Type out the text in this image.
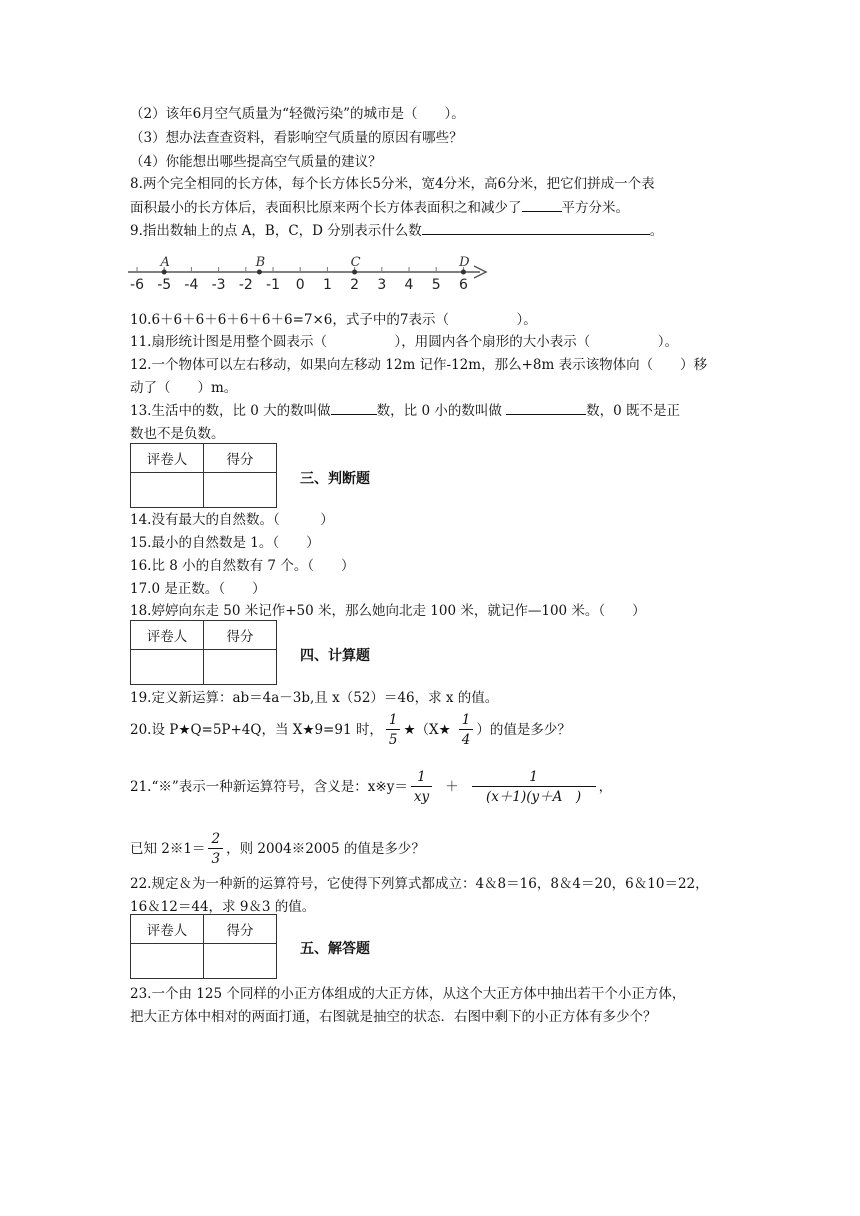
（2）该年6月空气质量为“轻微污染”的城市是（　　）。
（3）想办法查查资料，看影响空气质量的原因有哪些？
（4）你能想出哪些提高空气质量的建议？
8.两个完全相同的长方体，每个长方体长5分米，宽4分米，高6分米，把它们拼成一个表
面积最小的长方体后，表面积比原来两个长方体表面积之和减少了	平方分米。
9.指出数轴上的点 A，B，C，D 分别表示什么数	。
-6 -5 -4 -3 -2 -1 0 1 2 3 4 5 6
A	B	C	D
10.6＋6＋6＋6＋6＋6＋6=7×6，式子中的7表示（　　　　　）。
11.扇形统计图是用整个圆表示（　　　　　），用圆内各个扇形的大小表示（　　　　　）。
12.一个物体可以左右移动，如果向左移动 12m 记作-12m，那么+8m 表示该物体向（　　）移
动了（　　）m。
13.生活中的数，比 0 大的数叫做	数，比 0 小的数叫做	数，0 既不是正
数也不是负数。
评卷人	得分

三、判断题
14.没有最大的自然数。（　　　）
15.最小的自然数是 1。（　　）
16.比 8 小的自然数有 7 个。（　　）
17.0 是正数。（　　）
18.婷婷向东走 50 米记作+50 米，那么她向北走 100 米，就记作—100 米。（　　）
评卷人	得分

四、计算题
19.定义新运算：ab＝4a－3b,且 x（52）＝46，求 x 的值。
20.设 P★Q=5P+4Q，当 X★9=91 时， $\frac{1}{5}$ ★（X★ $\frac{1}{4}$ ）的值是多少？
21.“※”表示一种新运算符号，含义是：x※y＝ $\frac{1}{xy} + \frac{1}{(x+1)(y+A )}$ ，
已知 2※1＝ $\frac{2}{3}$ ，则 2004※2005 的值是多少？
22.规定＆为一种新的运算符号，它使得下列算式都成立：4＆8＝16，8＆4＝20，6＆10＝22，
16＆12＝44，求 9＆3 的值。
评卷人	得分

五、解答题
23.一个由 125 个同样的小正方体组成的大正方体，从这个大正方体中抽出若干个小正方体，
把大正方体中相对的两面打通，右图就是抽空的状态．右图中剩下的小正方体有多少个？
